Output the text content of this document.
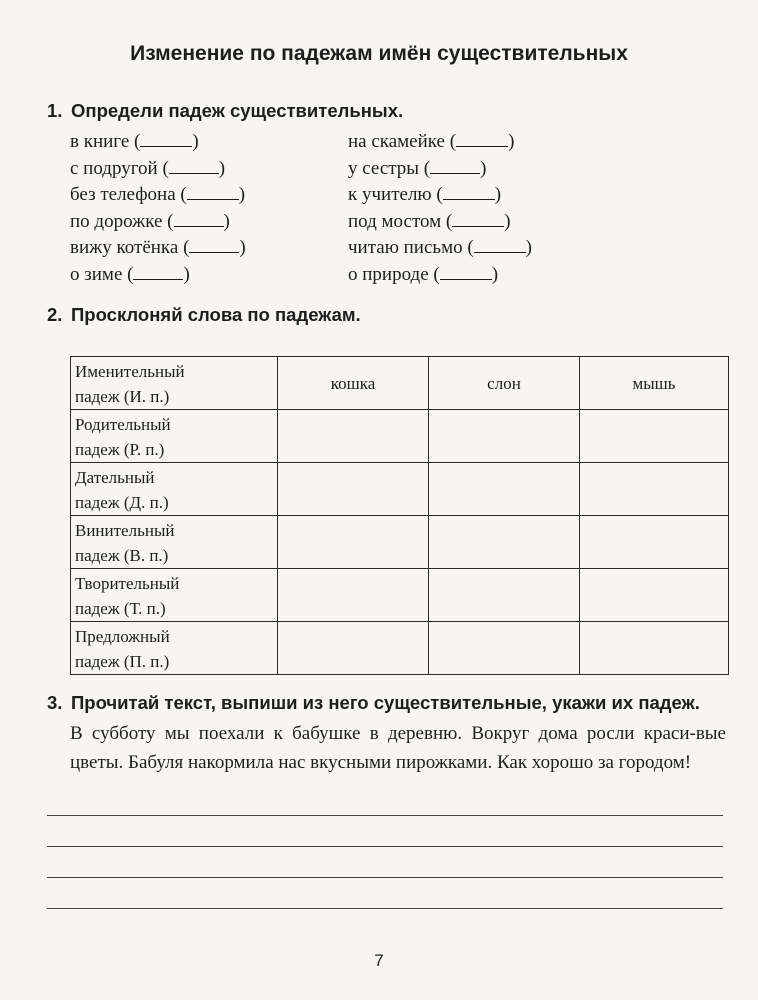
Изменение по падежам имён существительных
1. Определи падеж существительных.
в книге (	)
с подругой (	)
без телефона (	)
по дорожке (	)
вижу котёнка (	)
о зиме (	)
на скамейке (	)
у сестры (	)
к учителю (	)
под мостом (	)
читаю письмо (	)
о природе (	)
2. Просклоняй слова по падежам.
Именительный
падеж (И. п.)	кошка	слон	мышь
Родительный
падеж (Р. п.)			
Дательный
падеж (Д. п.)			
Винительный
падеж (В. п.)			
Творительный
падеж (Т. п.)			
Предложный
падеж (П. п.)			
3. Прочитай текст, выпиши из него существительные, укажи их падеж.
В субботу мы поехали к бабушке в деревню. Вокруг дома росли краси-вые цветы. Бабуля накормила нас вкусными пирожками. Как хорошо за городом!
7
